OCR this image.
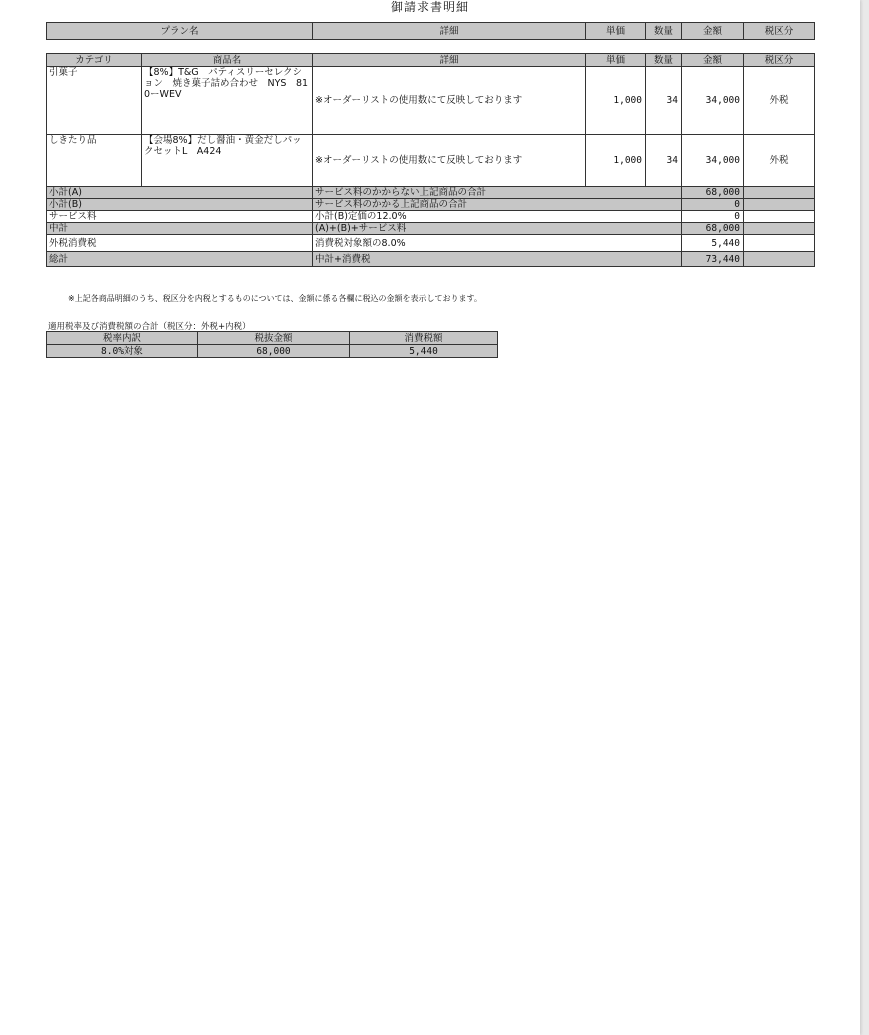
御請求書明細
プラン名	詳細	単価	数量	金額	税区分
カテゴリ	商品名	詳細	単価	数量	金額	税区分
引菓子	【8%】T&G　パティスリーセレクション　焼き菓子詰め合わせ　NYS　810ーWEV	※オーダーリストの使用数にて反映しております	1,000	34	34,000	外税
しきたり品	【会場8%】だし醤油・黄金だしパックセットL　A424	※オーダーリストの使用数にて反映しております	1,000	34	34,000	外税
小計(A)		サービス料のかからない上記商品の合計			68,000	
小計(B)		サービス料のかかる上記商品の合計			0	
サービス料		小計(B)定価の12.0%			0	
中計		(A)+(B)+サービス料			68,000	
外税消費税		消費税対象額の8.0%			5,440	
総計		中計+消費税			73,440	
※上記各商品明細のうち、税区分を内税とするものについては、金額に係る各欄に税込の金額を表示しております。
適用税率及び消費税額の合計（税区分：外税+内税）
税率内訳	税抜金額	消費税額
8.0%対象	68,000	5,440
